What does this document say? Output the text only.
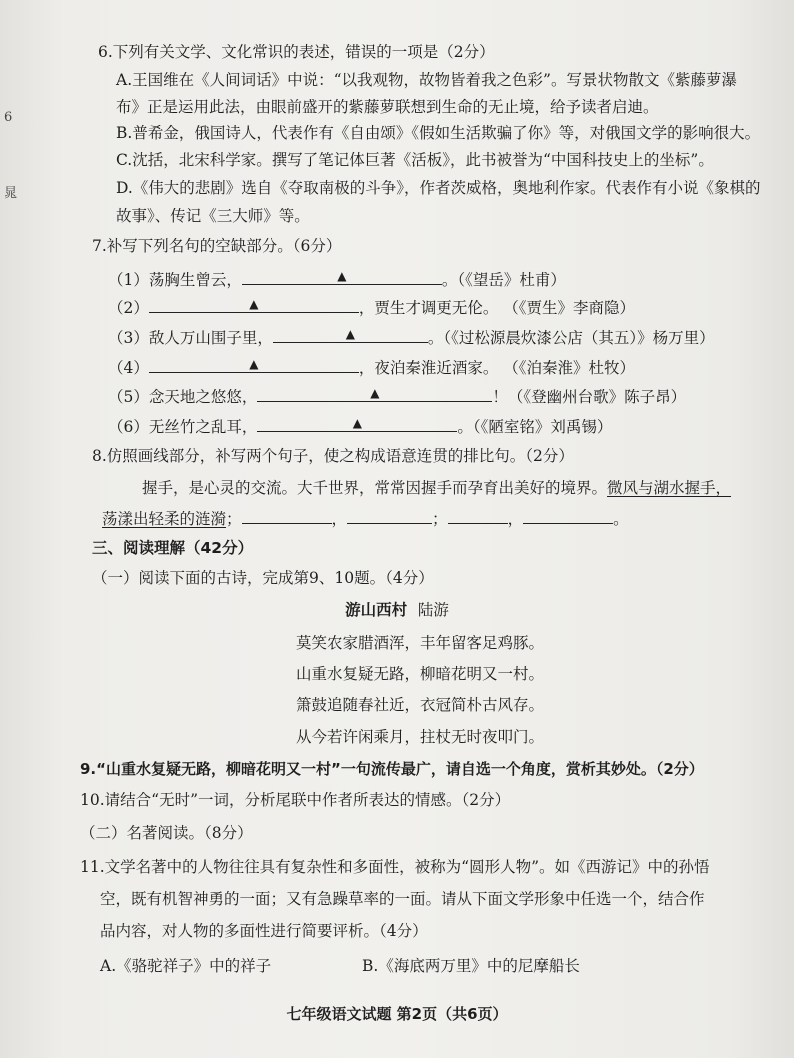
6
晁
6.下列有关文学、文化常识的表述，错误的一项是（2分）
A.王国维在《人间词话》中说：“以我观物，故物皆着我之色彩”。写景状物散文《紫藤萝瀑
布》正是运用此法，由眼前盛开的紫藤萝联想到生命的无止境，给予读者启迪。
B.普希金，俄国诗人，代表作有《自由颂》《假如生活欺骗了你》等，对俄国文学的影响很大。
C.沈括，北宋科学家。撰写了笔记体巨著《活板》，此书被誉为“中国科技史上的坐标”。
D.《伟大的悲剧》选自《夺取南极的斗争》，作者茨威格，奥地利作家。代表作有小说《象棋的
故事》、传记《三大师》等。
7.补写下列名句的空缺部分。（6分）
（1）荡胸生曾云，	▲	。（《望岳》杜甫）
（2）	▲	，贾生才调更无伦。 （《贾生》李商隐）
（3）敌人万山围子里，	▲	。（《过松源晨炊漆公店（其五）》杨万里）
（4）	▲	，夜泊秦淮近酒家。 （《泊秦淮》杜牧）
（5）念天地之悠悠，	▲	！（《登幽州台歌》陈子昂）
（6）无丝竹之乱耳，	▲	。（《陋室铭》刘禹锡）
8.仿照画线部分，补写两个句子，使之构成语意连贯的排比句。（2分）
握手，是心灵的交流。大千世界，常常因握手而孕育出美好的境界。微风与湖水握手，
荡漾出轻柔的涟漪；	，	；	，	。
三、阅读理解（42分）
（一）阅读下面的古诗，完成第9、10题。（4分）
游山西村 陆游
莫笑农家腊酒浑，丰年留客足鸡豚。
山重水复疑无路，柳暗花明又一村。
箫鼓追随春社近，衣冠简朴古风存。
从今若许闲乘月，拄杖无时夜叩门。
9.“山重水复疑无路，柳暗花明又一村”一句流传最广，请自选一个角度，赏析其妙处。（2分）
10.请结合“无时”一词，分析尾联中作者所表达的情感。（2分）
（二）名著阅读。（8分）
11.文学名著中的人物往往具有复杂性和多面性，被称为“圆形人物”。如《西游记》中的孙悟
空，既有机智神勇的一面；又有急躁草率的一面。请从下面文学形象中任选一个，结合作
品内容，对人物的多面性进行简要评析。（4分）
A.《骆驼祥子》中的祥子	B.《海底两万里》中的尼摩船长
七年级语文试题 第2页（共6页）
